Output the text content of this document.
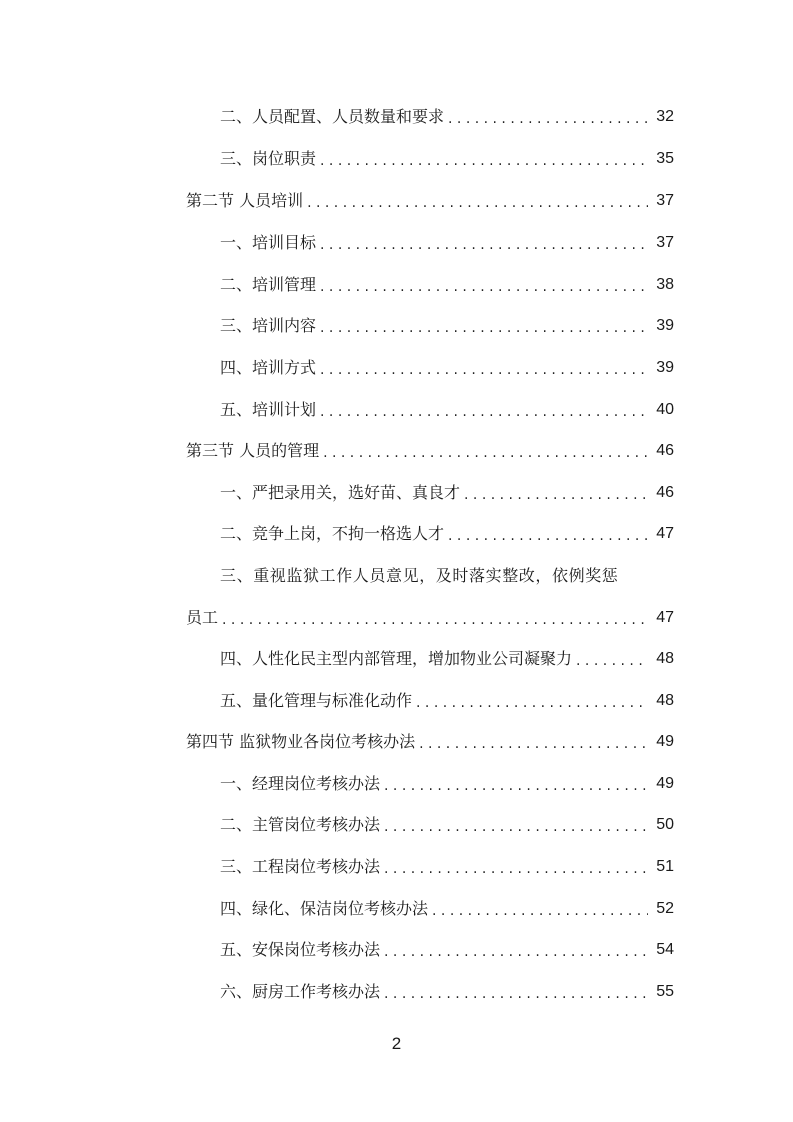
二、人员配置、人员数量和要求 . . .	32
三、岗位职责 . . .	35
第二节 人员培训 . . .	37
一、培训目标 . . .	37
二、培训管理 . . .	38
三、培训内容 . . .	39
四、培训方式 . . .	39
五、培训计划 . . .	40
第三节 人员的管理 . . .	46
一、严把录用关，选好苗、真良才 . . .	46
二、竞争上岗，不拘一格选人才 . . .	47
三、重视监狱工作人员意见，及时落实整改，依例奖惩
员工 . . .	47
四、人性化民主型内部管理，增加物业公司凝聚力 . . .	48
五、量化管理与标准化动作 . . .	48
第四节 监狱物业各岗位考核办法 . . .	49
一、经理岗位考核办法 . . .	49
二、主管岗位考核办法 . . .	50
三、工程岗位考核办法 . . .	51
四、绿化、保洁岗位考核办法 . . .	52
五、安保岗位考核办法 . . .	54
六、厨房工作考核办法 . . .	55
2
